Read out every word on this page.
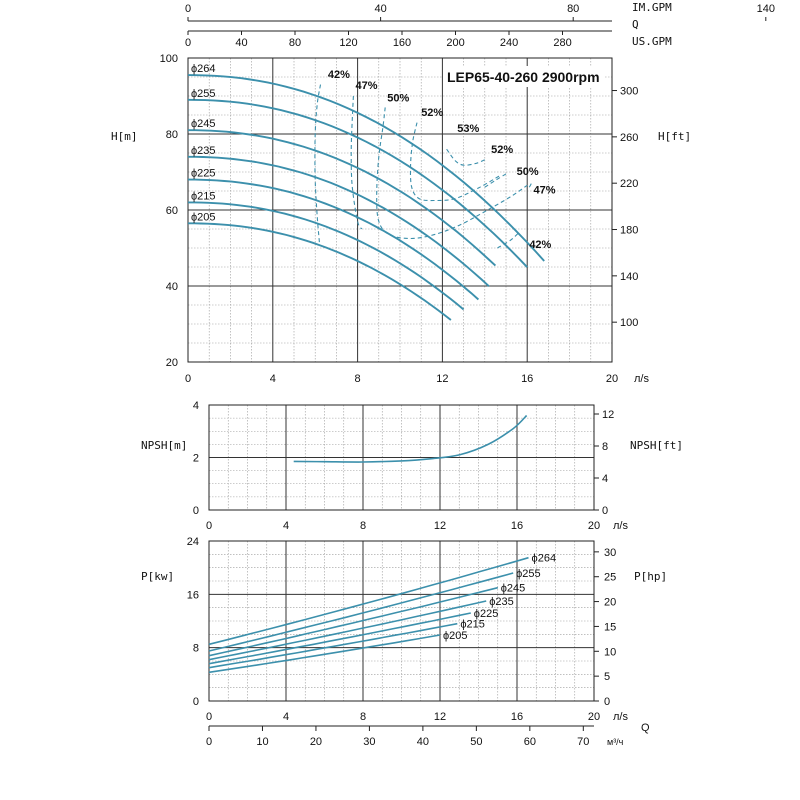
IM.GPM
Q
US.GPM
0	40	80	140
0	40	80	120	160	200	240	280
ϕ264
ϕ255
ϕ245
ϕ235
ϕ225
ϕ215
ϕ205
42%
47%
50%
52%
53%
52%
50%
47%
42%
LEP65-40-260 2900rpm
H[m]	H[ft]
л/s
0	4	8	12	16	20
20
40
60
80
100
100
140
180
220
260
300
NPSH[m]	NPSH[ft]
л/s
0	4	8	12	16	20
0
2
4
0
4
8
12
ϕ264
ϕ255
ϕ245
ϕ235
ϕ225
ϕ215
ϕ205
P[kw]	P[hp]
л/s
0	4	8	12	16	20
0
8
16
24
0
5
10
15
20
25
30
Q
м³/ч
0	10	20	30	40	50	60	70
